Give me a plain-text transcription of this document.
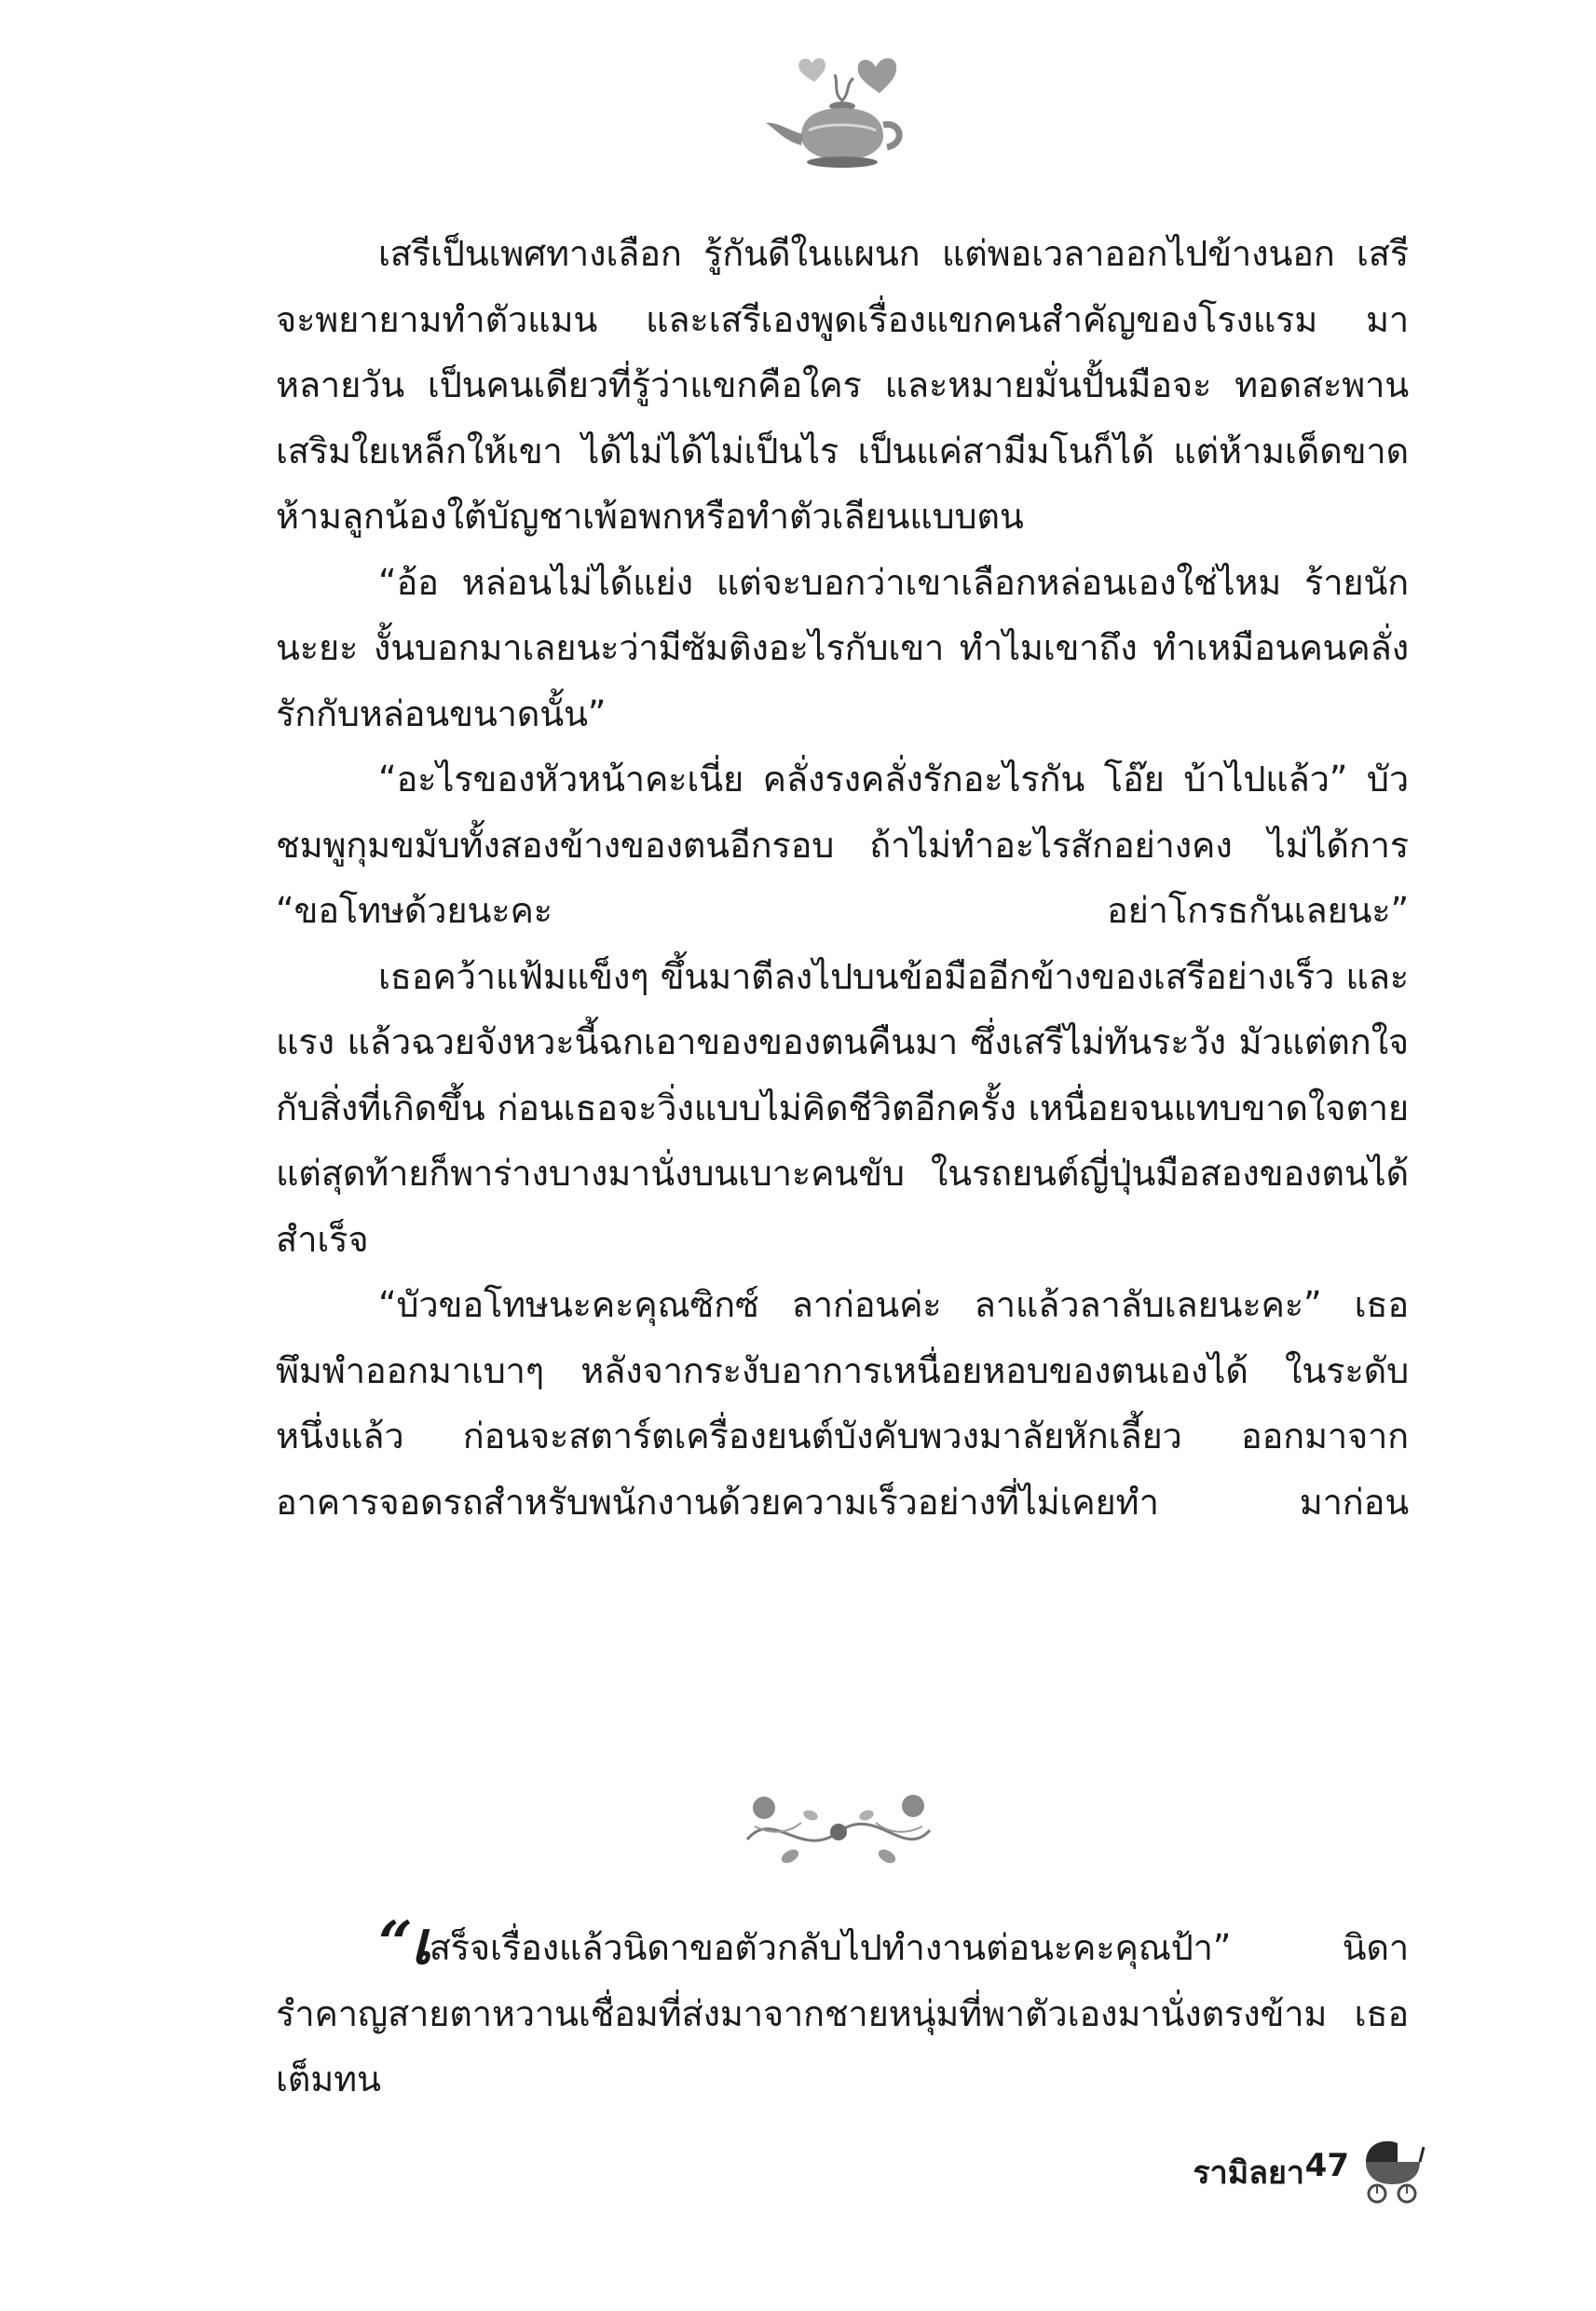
เสรีเป็นเพศทางเลือก รู้กันดีในแผนก แต่พอเวลาออกไปข้างนอก เสรีจะพยายามทำตัวแมน และเสรีเองพูดเรื่องแขกคนสำคัญของโรงแรม มาหลายวัน เป็นคนเดียวที่รู้ว่าแขกคือใคร และหมายมั่นปั้นมือจะ ทอดสะพานเสริมใยเหล็กให้เขา ได้ไม่ได้ไม่เป็นไร เป็นแค่สามีมโนก็ได้ แต่ห้ามเด็ดขาด ห้ามลูกน้องใต้บัญชาเพ้อพกหรือทำตัวเลียนแบบตน

“อ้อ หล่อนไม่ได้แย่ง แต่จะบอกว่าเขาเลือกหล่อนเองใช่ไหม ร้ายนักนะยะ งั้นบอกมาเลยนะว่ามีซัมติงอะไรกับเขา ทำไมเขาถึง ทำเหมือนคนคลั่งรักกับหล่อนขนาดนั้น”

“อะไรของหัวหน้าคะเนี่ย คลั่งรงคลั่งรักอะไรกัน โอ๊ย บ้าไปแล้ว” บัวชมพูกุมขมับทั้งสองข้างของตนอีกรอบ ถ้าไม่ทำอะไรสักอย่างคง ไม่ได้การ “ขอโทษด้วยนะคะ อย่าโกรธกันเลยนะ”

เธอคว้าแฟ้มแข็งๆ ขึ้นมาตีลงไปบนข้อมืออีกข้างของเสรีอย่างเร็ว และแรง แล้วฉวยจังหวะนี้ฉกเอาของของตนคืนมา ซึ่งเสรีไม่ทันระวัง มัวแต่ตกใจกับสิ่งที่เกิดขึ้น ก่อนเธอจะวิ่งแบบไม่คิดชีวิตอีกครั้ง เหนื่อยจนแทบขาดใจตาย แต่สุดท้ายก็พาร่างบางมานั่งบนเบาะคนขับ ในรถยนต์ญี่ปุ่นมือสองของตนได้สำเร็จ

“บัวขอโทษนะคะคุณซิกซ์ ลาก่อนค่ะ ลาแล้วลาลับเลยนะคะ” เธอพึมพำออกมาเบาๆ หลังจากระงับอาการเหนื่อยหอบของตนเองได้ ในระดับหนึ่งแล้ว ก่อนจะสตาร์ตเครื่องยนต์บังคับพวงมาลัยหักเลี้ยว ออกมาจากอาคารจอดรถสำหรับพนักงานด้วยความเร็วอย่างที่ไม่เคยทำ	มาก่อน

“เสร็จเรื่องแล้วนิดาขอตัวกลับไปทำงานต่อนะคะคุณป้า” นิดา รำคาญสายตาหวานเชื่อมที่ส่งมาจากชายหนุ่มที่พาตัวเองมานั่งตรงข้าม เธอเต็มทน

รามิลยา 47
